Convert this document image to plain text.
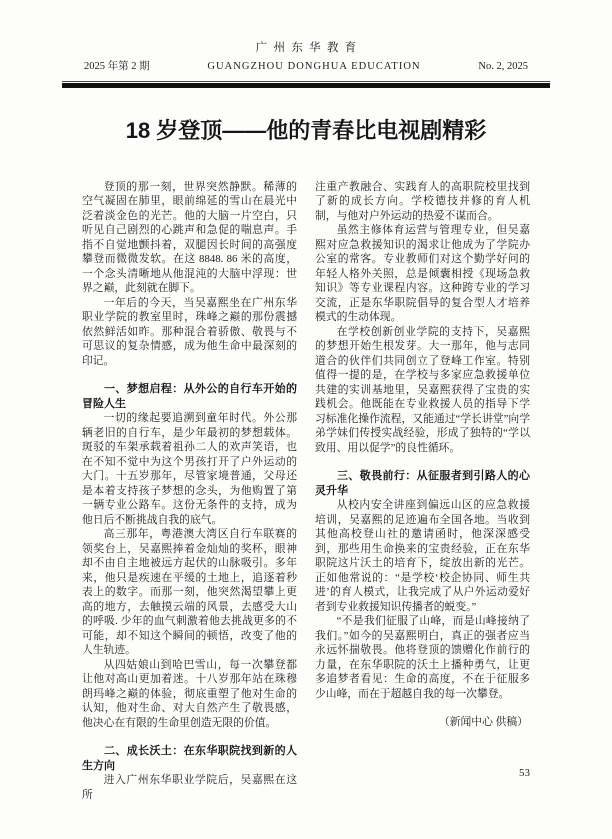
广州东华教育
2025 年第 2 期	GUANGZHOU DONGHUA EDUCATION	No. 2, 2025
18 岁登顶——他的青春比电视剧精彩

登顶的那一刻，世界突然静默。稀薄的空气凝固在肺里，眼前绵延的雪山在晨光中泛着淡金色的光芒。他的大脑一片空白，只听见自己剧烈的心跳声和急促的喘息声。手指不自觉地颤抖着，双腿因长时间的高强度攀登而微微发软。在这 8848. 86 米的高度，一个念头清晰地从他混沌的大脑中浮现：世界之巅，此刻就在脚下。

一年后的今天，当吴嘉熙坐在广州东华职业学院的教室里时，珠峰之巅的那份震撼依然鲜活如昨。那种混合着骄傲、敬畏与不可思议的复杂情感，成为他生命中最深刻的印记。

一、梦想启程：从外公的自行车开始的冒险人生

一切的缘起要追溯到童年时代。外公那辆老旧的自行车，是少年最初的梦想载体。斑驳的车架承载着祖孙二人的欢声笑语，也在不知不觉中为这个男孩打开了户外运动的大门。十五岁那年，尽管家境普通，父母还是本着支持孩子梦想的念头，为他购置了第一辆专业公路车。这份无条件的支持，成为他日后不断挑战自我的底气。

高三那年，粤港澳大湾区自行车联赛的领奖台上，吴嘉熙捧着金灿灿的奖杯，眼神却不由自主地被远方起伏的山脉吸引。多年来，他只是疾速在平缓的土地上，追逐着秒表上的数字。而那一刻，他突然渴望攀上更高的地方，去触摸云端的风景，去感受大山的呼吸. 少年的血气刺激着他去挑战更多的不可能，却不知这个瞬间的顿悟，改变了他的人生轨迹。

从四姑娘山到哈巴雪山，每一次攀登都让他对高山更加着迷。十八岁那年站在珠穆朗玛峰之巅的体验，彻底重塑了他对生命的认知，他对生命、对大自然产生了敬畏感，他决心在有限的生命里创造无限的价值。

二、成长沃土：在东华职院找到新的人生方向

进入广州东华职业学院后，吴嘉熙在这所

注重产教融合、实践育人的高职院校里找到了新的成长方向。学校德技并修的育人机制，与他对户外运动的热爱不谋而合。

虽然主修体育运营与管理专业，但吴嘉熙对应急救援知识的渴求让他成为了学院办公室的常客。专业教师们对这个勤学好问的年轻人格外关照，总是倾囊相授《现场急救知识》等专业课程内容。这种跨专业的学习交流，正是东华职院倡导的复合型人才培养模式的生动体现。

在学校创新创业学院的支持下，吴嘉熙的梦想开始生根发芽。大一那年，他与志同道合的伙伴们共同创立了登峰工作室。特别值得一提的是，在学校与多家应急救援单位共建的实训基地里，吴嘉熙获得了宝贵的实践机会。他既能在专业救援人员的指导下学习标准化操作流程，又能通过“学长讲堂”向学弟学妹们传授实战经验，形成了独特的“学以致用、用以促学”的良性循环。

三、敬畏前行：从征服者到引路人的心灵升华

从校内安全讲座到偏远山区的应急救援培训，吴嘉熙的足迹遍布全国各地。当收到其他高校登山社的邀请函时，他深深感受到，那些用生命换来的宝贵经验，正在东华职院这片沃土的培育下，绽放出新的光芒。正如他常说的：“是学校‘校企协同、师生共进’的育人模式，让我完成了从户外运动爱好者到专业救援知识传播者的蜕变。”

“不是我们征服了山峰，而是山峰接纳了我们。”如今的吴嘉熙明白，真正的强者应当永远怀揣敬畏。他将登顶的馈赠化作前行的力量，在东华职院的沃土上播种勇气，让更多追梦者看见：生命的高度，不在于征服多少山峰，而在于超越自我的每一次攀登。

（新闻中心 供稿）
53
